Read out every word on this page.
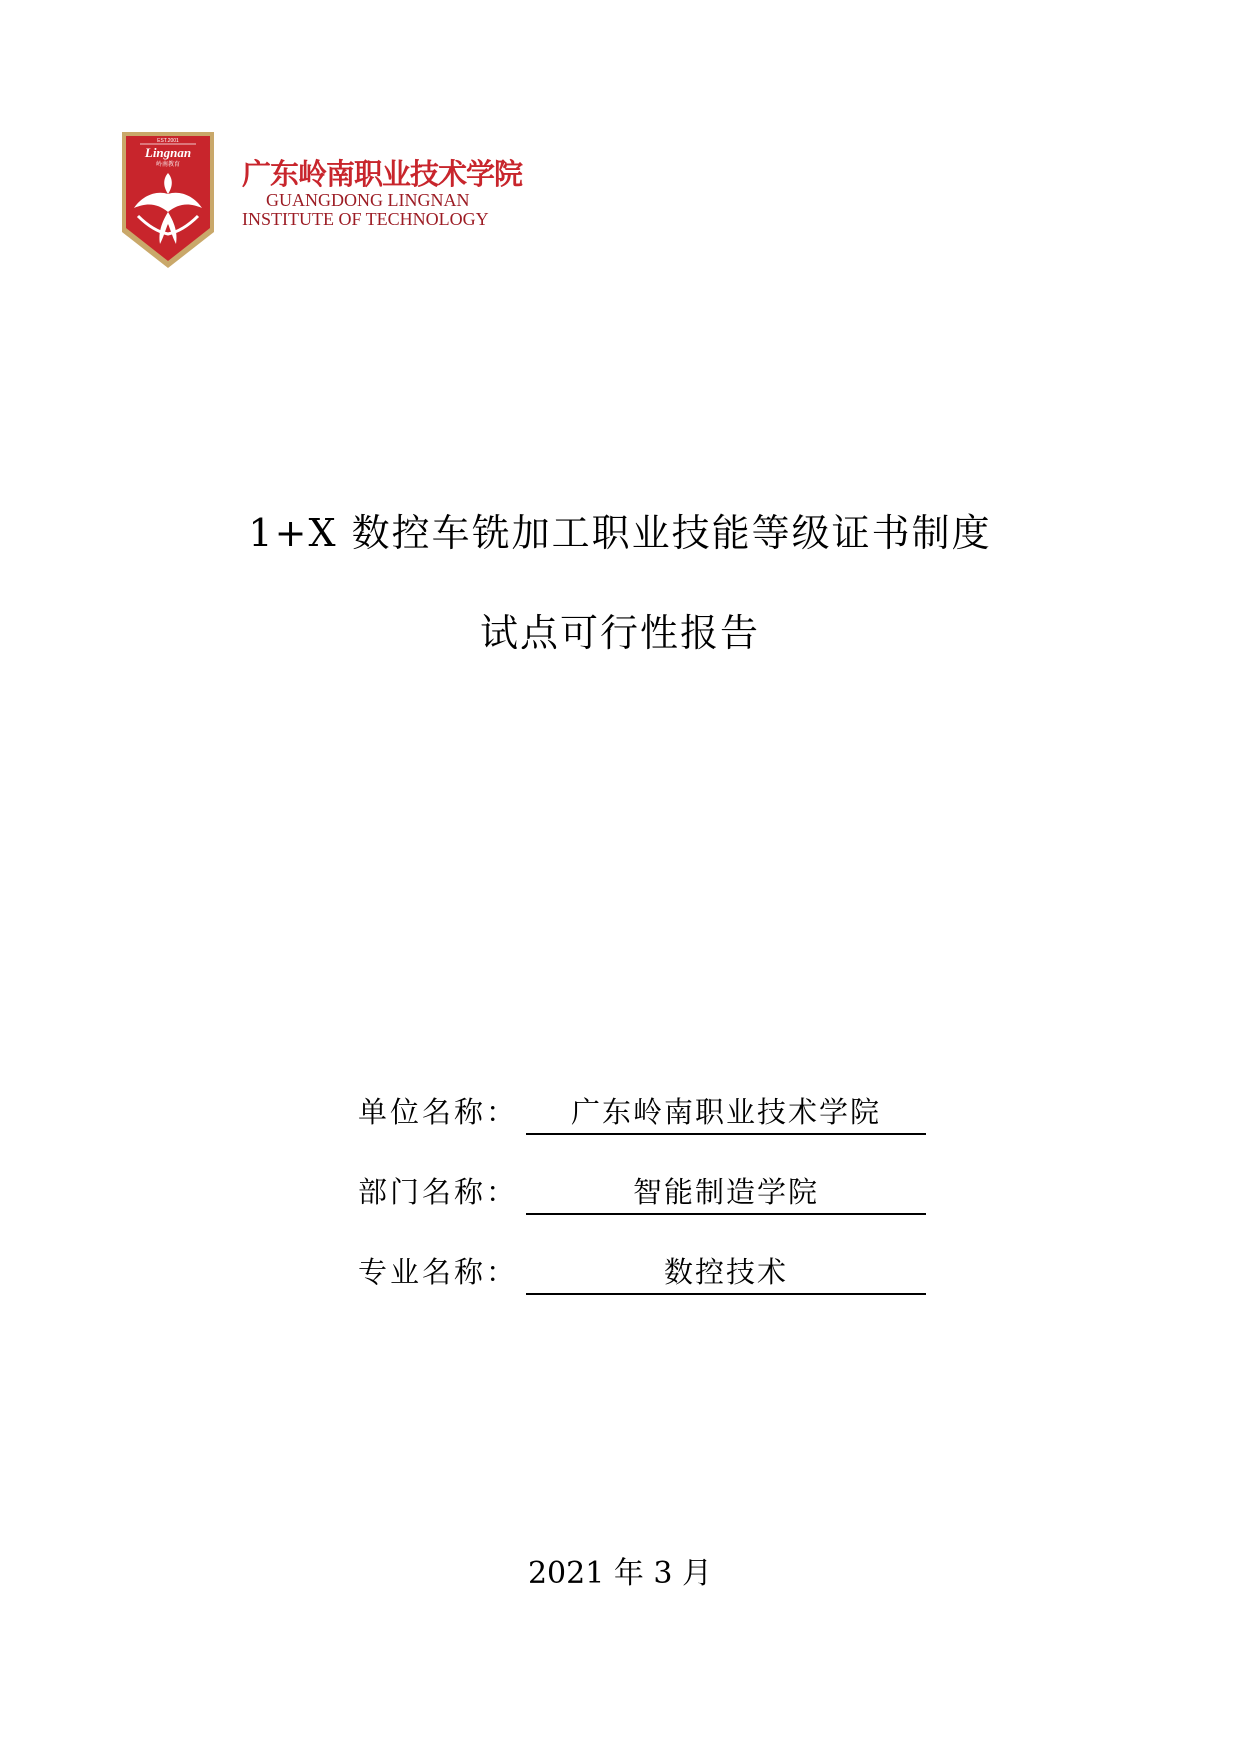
EST.2001
Lingnan
岭南教育 广东岭南职业技术学院
GUANGDONG LINGNAN
INSTITUTE OF TECHNOLOGY
1+X 数控车铣加工职业技能等级证书制度
试点可行性报告
单位名称：	广东岭南职业技术学院
部门名称：	智能制造学院
专业名称：	数控技术
2021 年 3 月
